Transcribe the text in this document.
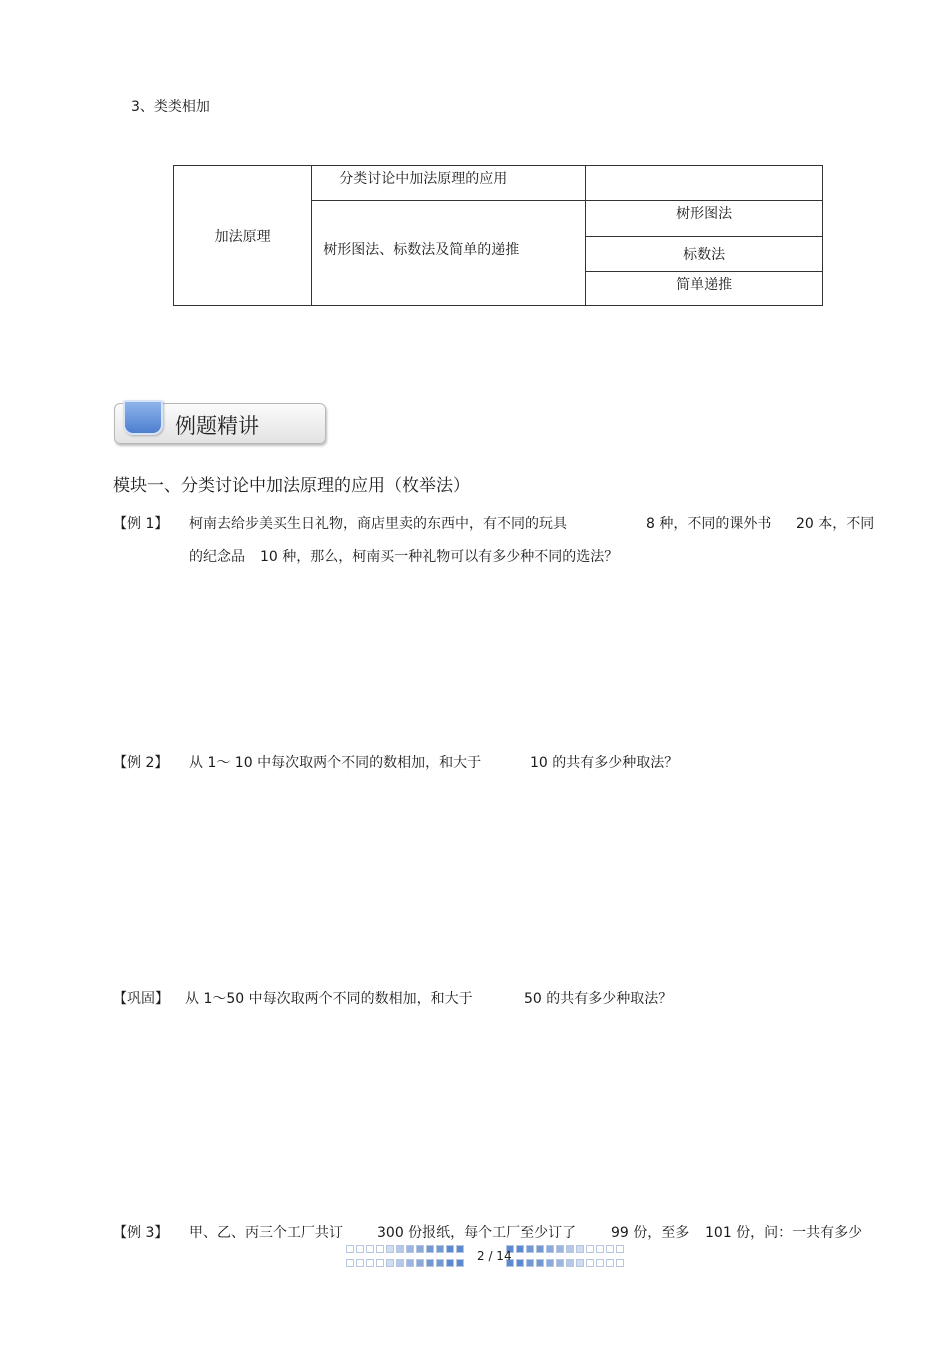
3、类类相加
加法原理	分类讨论中加法原理的应用	
	树形图法、标数法及简单的递推	树形图法
		标数法
		简单递推
例题精讲
模块一、分类讨论中加法原理的应用（枚举法）
【例 1】 柯南去给步美买生日礼物，商店里卖的东西中，有不同的玩具	8 种，不同的课外书 20 本，不同
的纪念品 10 种，那么，柯南买一种礼物可以有多少种不同的选法？
【例 2】 从 1～ 10 中每次取两个不同的数相加，和大于	10 的共有多少种取法？
【巩固】 从 1～50 中每次取两个不同的数相加，和大于	50 的共有多少种取法？
【例 3】 甲、乙、丙三个工厂共订 300 份报纸，每个工厂至少订了 99 份，至多 101 份，问：一共有多少
2 / 14
